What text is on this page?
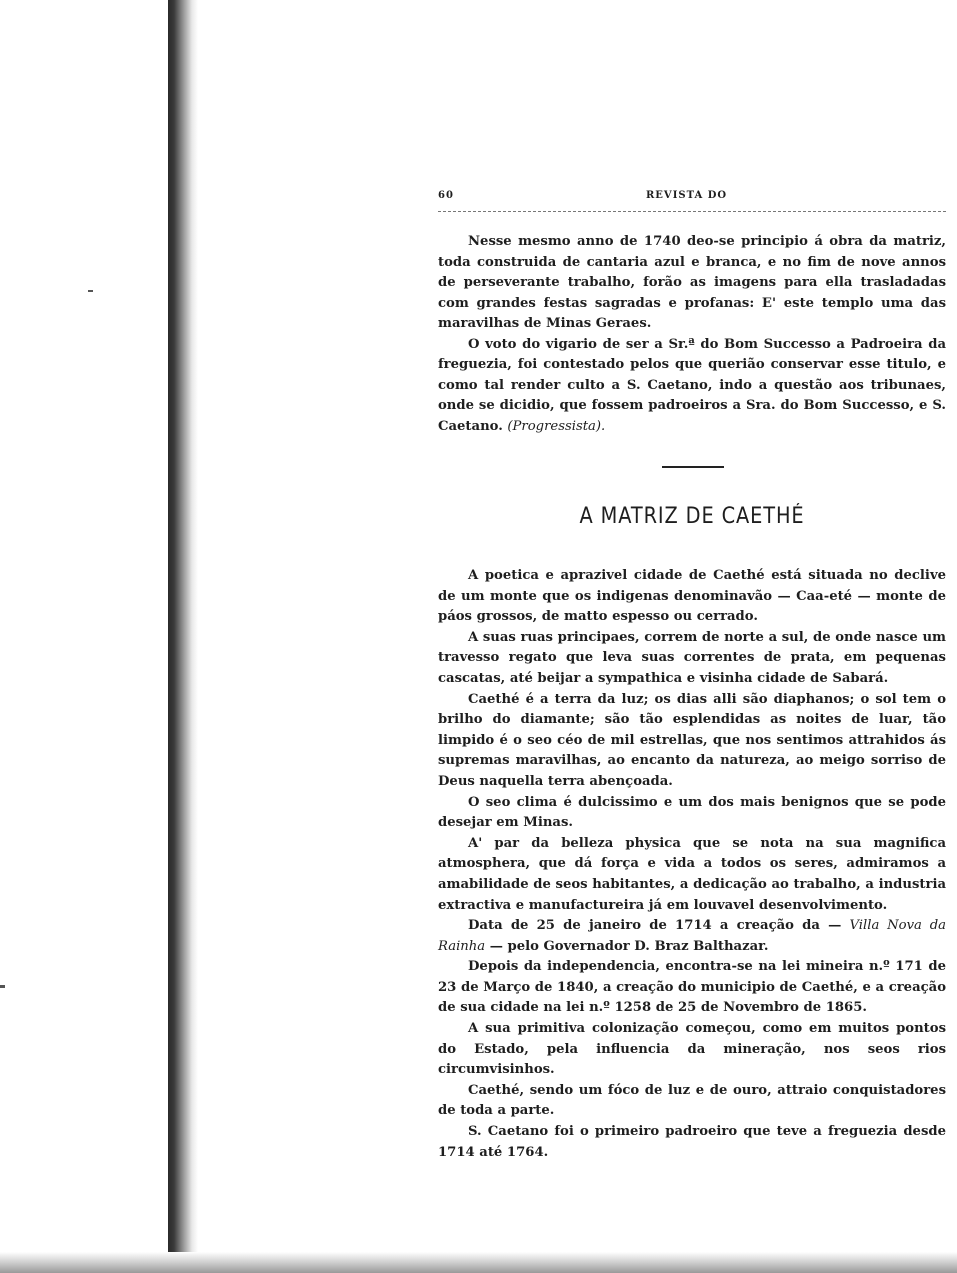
60	REVISTA DO

Nesse mesmo anno de 1740 deo-se principio á obra da matriz, toda construida de cantaria azul e branca, e no fim de nove annos de perseverante trabalho, forão as imagens para ella trasladadas com grandes festas sagradas e profanas: E' este templo uma das maravilhas de Minas Geraes.

O voto do vigario de ser a Sr.ª do Bom Successo a Padroeira da freguezia, foi contestado pelos que querião conservar esse titulo, e como tal render culto a S. Caetano, indo a questão aos tribunaes, onde se dicidio, que fossem padroeiros a Sra. do Bom Successo, e S. Caetano. (Progressista).

A MATRIZ DE CAETHÉ

A poetica e aprazivel cidade de Caethé está situada no declive de um monte que os indigenas denominavão — Caa-eté — monte de páos grossos, de matto espesso ou cerrado.

A suas ruas principaes, correm de norte a sul, de onde nasce um travesso regato que leva suas correntes de prata, em pequenas cascatas, até beijar a sympathica e visinha cidade de Sabará.

Caethé é a terra da luz; os dias alli são diaphanos; o sol tem o brilho do diamante; são tão esplendidas as noites de luar, tão limpido é o seo céo de mil estrellas, que nos sentimos attrahidos ás supremas maravilhas, ao encanto da natureza, ao meigo sorriso de Deus naquella terra abençoada.

O seo clima é dulcissimo e um dos mais benignos que se pode desejar em Minas.

A' par da belleza physica que se nota na sua magnifica atmosphera, que dá força e vida a todos os seres, admiramos a amabilidade de seos habitantes, a dedicação ao trabalho, a industria extractiva e manufactureira já em louvavel desenvolvimento.

Data de 25 de janeiro de 1714 a creação da — Villa Nova da Rainha — pelo Governador D. Braz Balthazar.

Depois da independencia, encontra-se na lei mineira n.º 171 de 23 de Março de 1840, a creação do municipio de Caethé, e a creação de sua cidade na lei n.º 1258 de 25 de Novembro de 1865.

A sua primitiva colonização começou, como em muitos pontos do Estado, pela influencia da mineração, nos seos rios circumvisinhos.

Caethé, sendo um fóco de luz e de ouro, attraio conquistadores de toda a parte.

S. Caetano foi o primeiro padroeiro que teve a freguezia desde 1714 até 1764.
